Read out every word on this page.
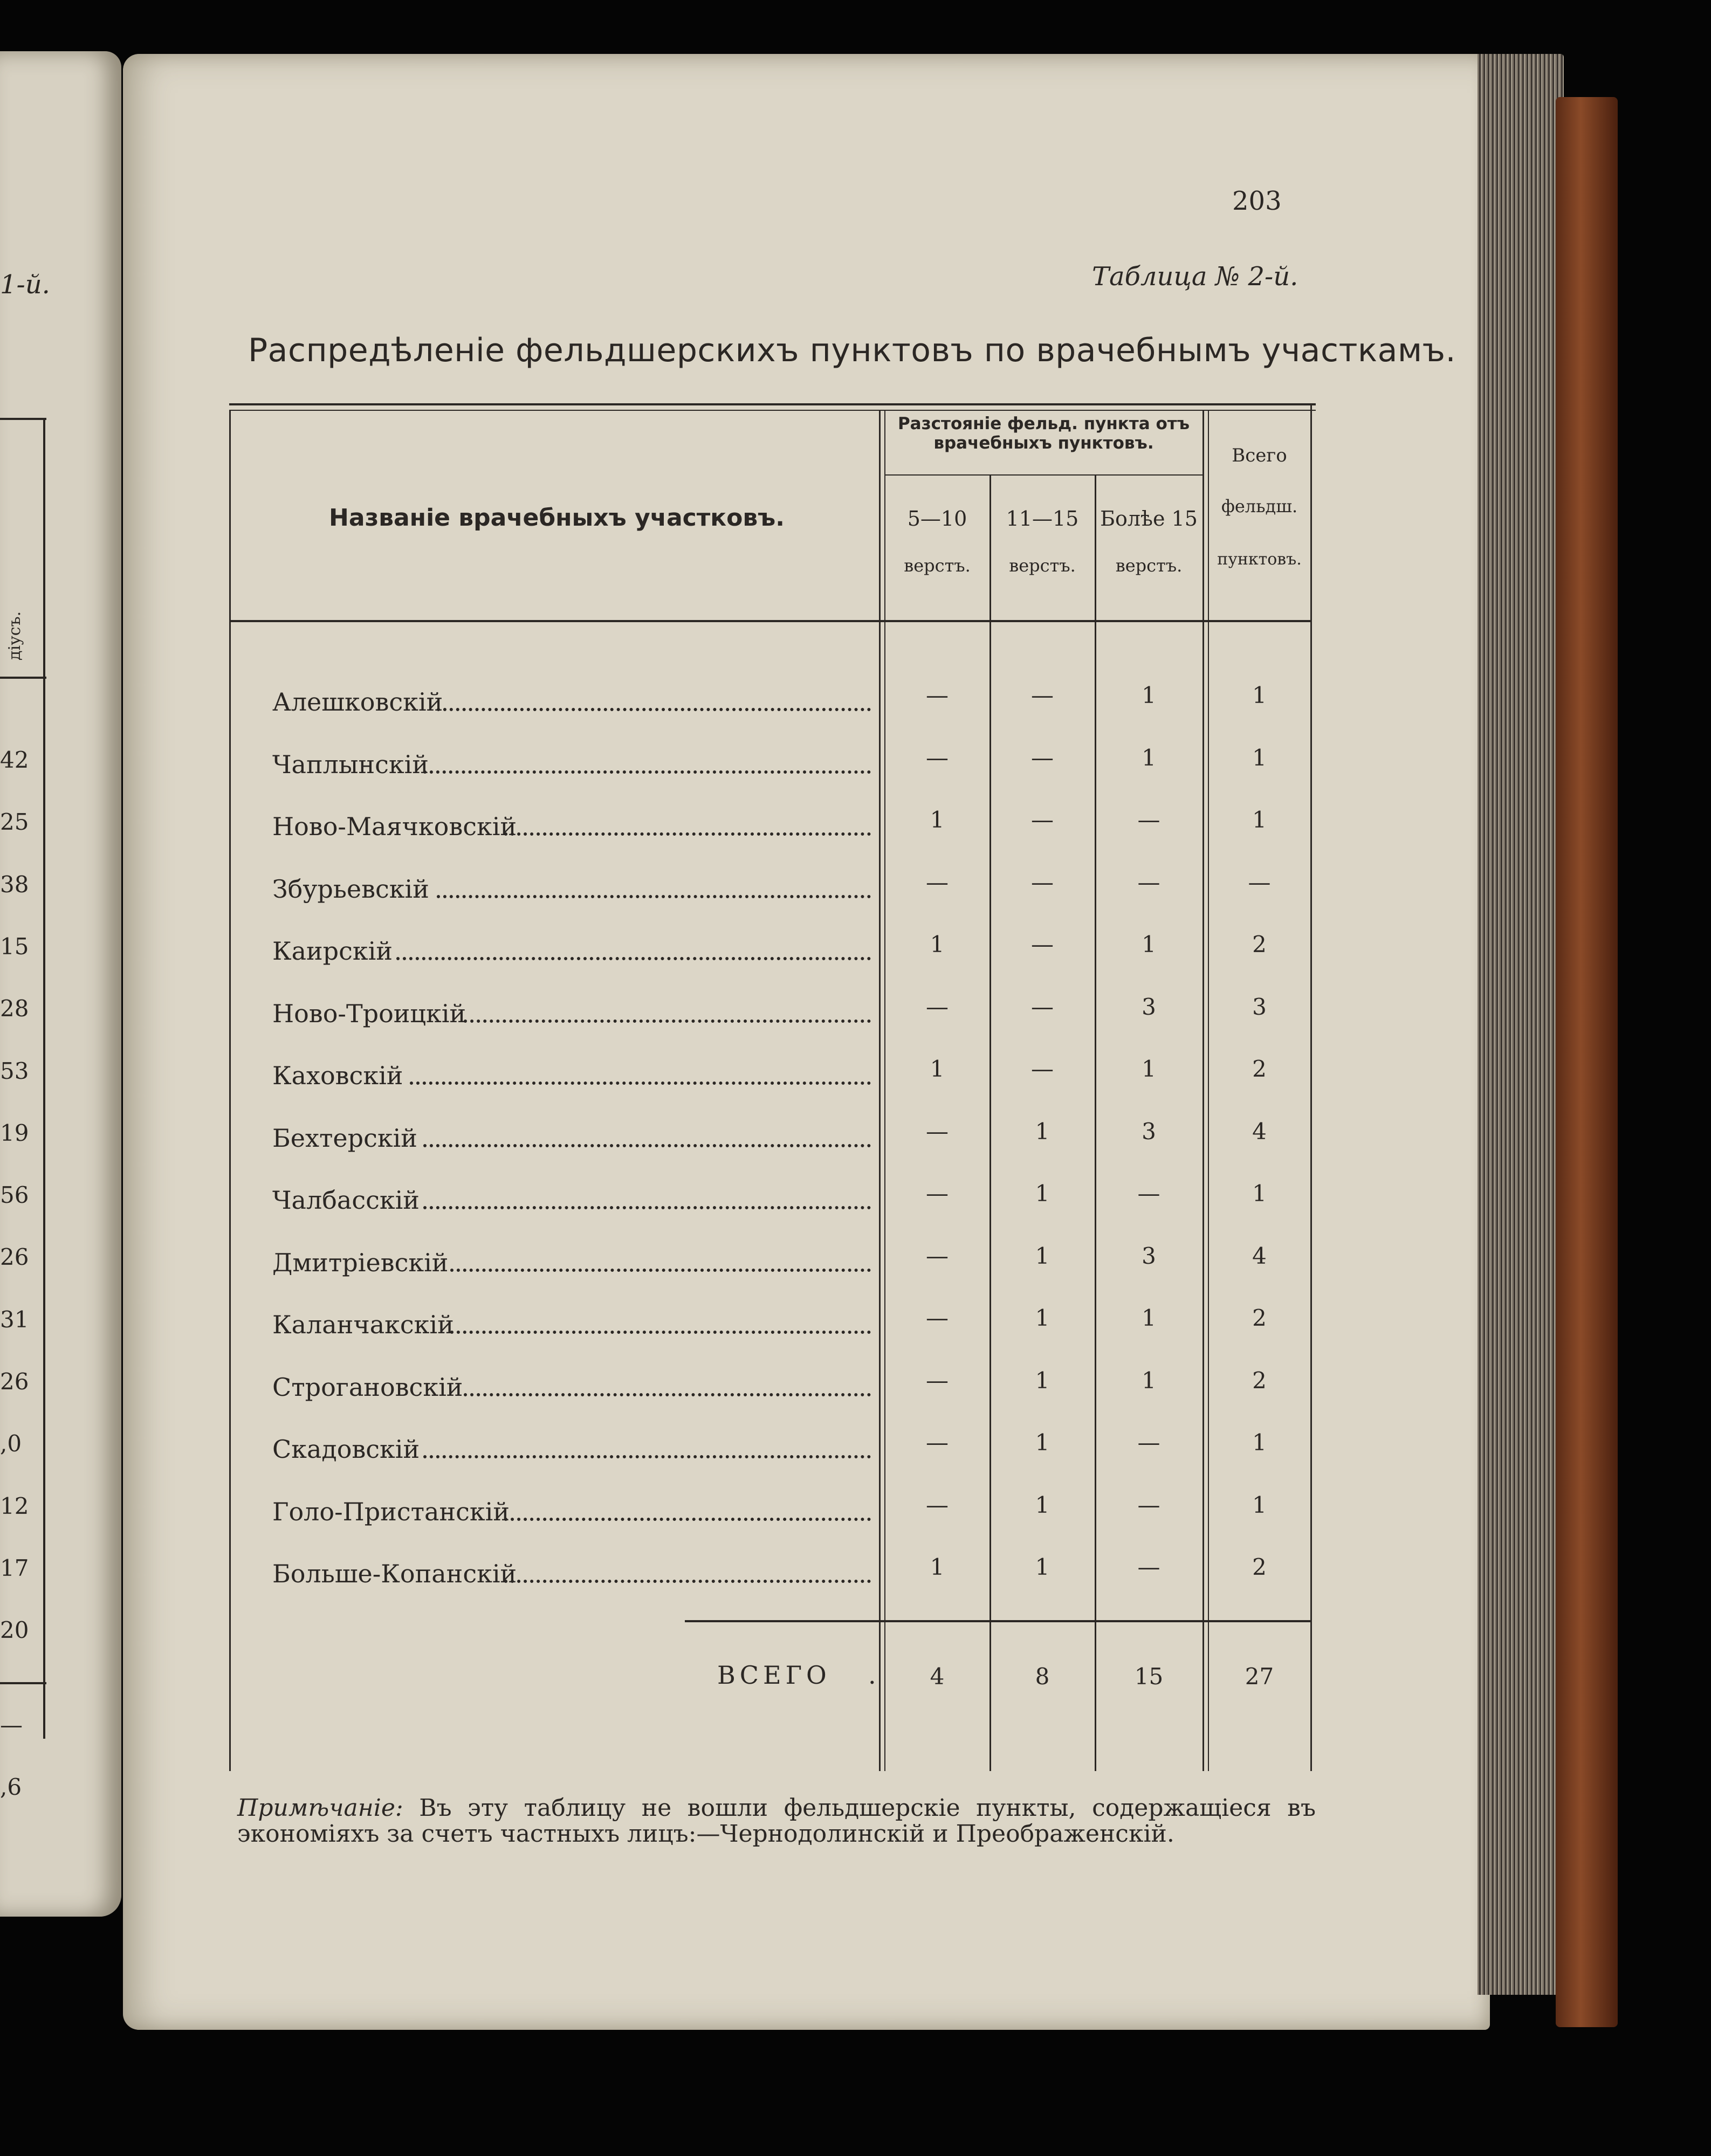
1-й.
діусъ.
42
25
38
15
28
53
19
56
26
31
26
,0
12
17
20
—
,6
203
Таблица № 2-й.
Распредѣленіе фельдшерскихъ пунктовъ по врачебнымъ участкамъ.
Названіе врачебныхъ участковъ.
Разстояніе фельд. пункта отъ врачебныхъ пунктовъ.
5—10
верстъ.
11—15
верстъ.
Болѣе 15
верстъ.
Всего
фельдш.
пунктовъ.
Алешковскій	—	—	1	1
Чаплынскій	—	—	1	1
Ново-Маячковскій	1	—	—	1
Збурьевскій	—	—	—	—
Каирскій	1	—	1	2
Ново-Троицкій	—	—	3	3
Каховскій	1	—	1	2
Бехтерскій	—	1	3	4
Чалбасскій	—	1	—	1
Дмитріевскій	—	1	3	4
Каланчакскій	—	1	1	2
Строгановскій	—	1	1	2
Скадовскій	—	1	—	1
Голо-Пристанскій	—	1	—	1
Больше-Копанскій	1	1	—	2
ВСЕГО .	4	8	15	27
Примѣчаніе: Въ эту таблицу не вошли фельдшерскіе пункты, содержащіеся въ экономіяхъ за счетъ частныхъ лицъ:—Чернодолинскій и Преображенскій.
